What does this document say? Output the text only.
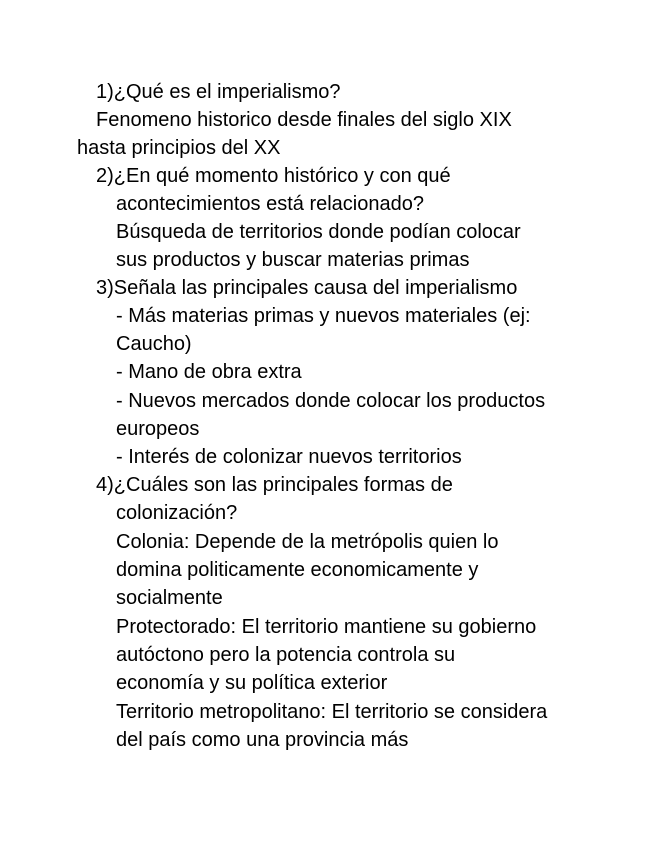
1)¿Qué es el imperialismo?
Fenomeno historico desde finales del siglo XIX
hasta principios del XX
2)¿En qué momento histórico y con qué
acontecimientos está relacionado?
Búsqueda de territorios donde podían colocar
sus productos y buscar materias primas
3)Señala las principales causa del imperialismo
- Más materias primas y nuevos materiales (ej:
Caucho)
- Mano de obra extra
- Nuevos mercados donde colocar los productos
europeos
- Interés de colonizar nuevos territorios
4)¿Cuáles son las principales formas de
colonización?
Colonia: Depende de la metrópolis quien lo
domina politicamente economicamente y
socialmente
Protectorado: El territorio mantiene su gobierno
autóctono pero la potencia controla su
economía y su política exterior
Territorio metropolitano: El territorio se considera
del país como una provincia más
